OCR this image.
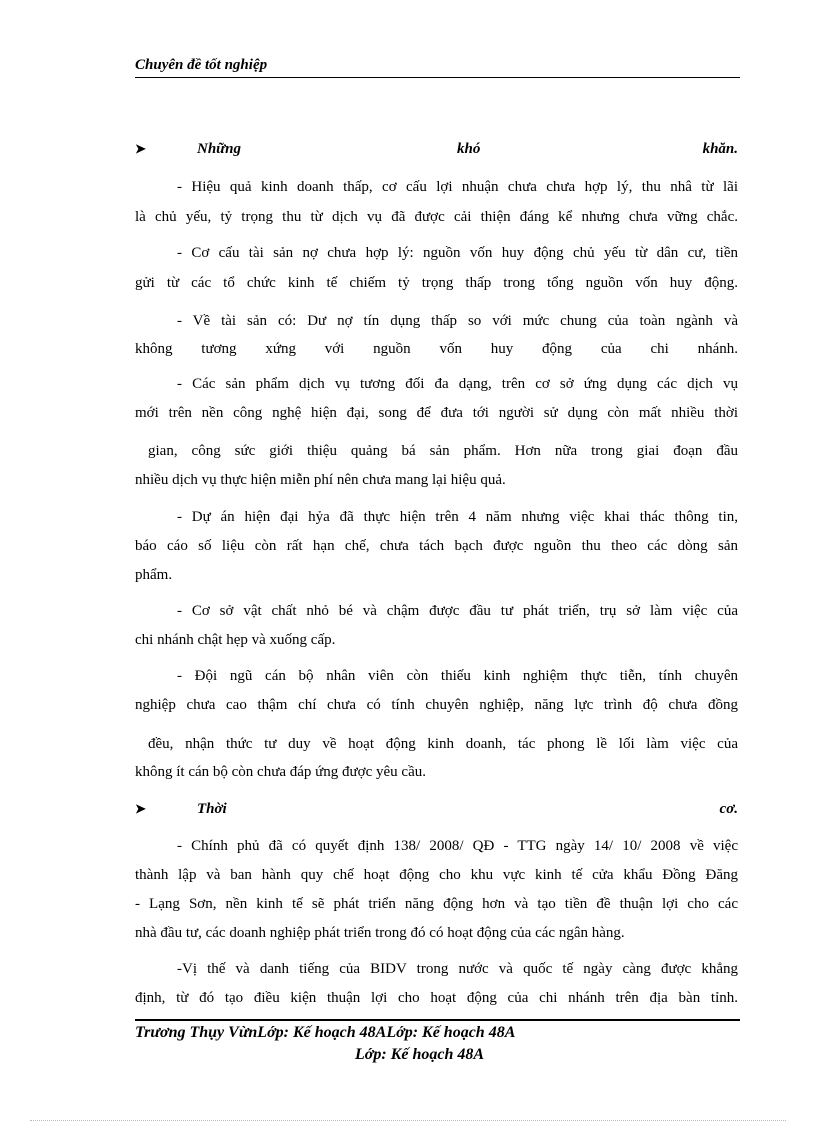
Chuyên đề tốt nghiệp
➤	Những	khó	khăn.
- Hiệu quả kinh doanh thấp, cơ cấu lợi nhuận chưa chưa hợp lý, thu nhâ từ lãi
là chủ yếu, tỷ trọng thu từ dịch vụ đã được cải thiện đáng kể nhưng chưa vững chắc.
- Cơ cấu tài sản nợ chưa hợp lý: nguồn vốn huy động chủ yếu từ dân cư, tiền
gửi từ các tổ chức kinh tế chiếm tỷ trọng thấp trong tổng nguồn vốn huy động.
- Về tài sản có: Dư nợ tín dụng thấp so với mức chung của toàn ngành và
không tương xứng với nguồn vốn huy động của chi nhánh.
- Các sản phẩm dịch vụ tương đối đa dạng, trên cơ sở ứng dụng các dịch vụ
mới trên nền công nghệ hiện đại, song để đưa tới người sử dụng còn mất nhiều thời
gian, công sức giới thiệu quảng bá sản phẩm. Hơn nữa trong giai đoạn đầu
nhiều dịch vụ thực hiện miễn phí nên chưa mang lại hiệu quả.
- Dự án hiện đại hỷa đã thực hiện trên 4 năm nhưng việc khai thác thông tin,
báo cáo số liệu còn rất hạn chế, chưa tách bạch được nguồn thu theo các dòng sản
phẩm.
- Cơ sở vật chất nhỏ bé và chậm được đầu tư phát triển, trụ sở làm việc của
chi nhánh chật hẹp và xuống cấp.
- Đội ngũ cán bộ nhân viên còn thiếu kinh nghiệm thực tiễn, tính chuyên
nghiệp chưa cao thậm chí chưa có tính chuyên nghiệp, năng lực trình độ chưa đồng
đều, nhận thức tư duy về hoạt động kinh doanh, tác phong lề lối làm việc của
không ít cán bộ còn chưa đáp ứng được yêu cầu.
➤	Thời	cơ.
- Chính phủ đã có quyết định 138/ 2008/ QĐ - TTG ngày 14/ 10/ 2008 về việc
thành lập và ban hành quy chế hoạt động cho khu vực kinh tế cửa khẩu Đồng Đăng
- Lạng Sơn, nền kinh tế sẽ phát triển năng động hơn và tạo tiền đề thuận lợi cho các
nhà đầu tư, các doanh nghiệp phát triển trong đó có hoạt động của các ngân hàng.
-Vị thế và danh tiếng của BIDV trong nước và quốc tế ngày càng được khẳng
định, từ đó tạo điều kiện thuận lợi cho hoạt động của chi nhánh trên địa bàn tỉnh.
Trương Thụy VừnLớp: Kế hoạch 48ALớp: Kế hoạch 48A
Lớp: Kế hoạch 48A
